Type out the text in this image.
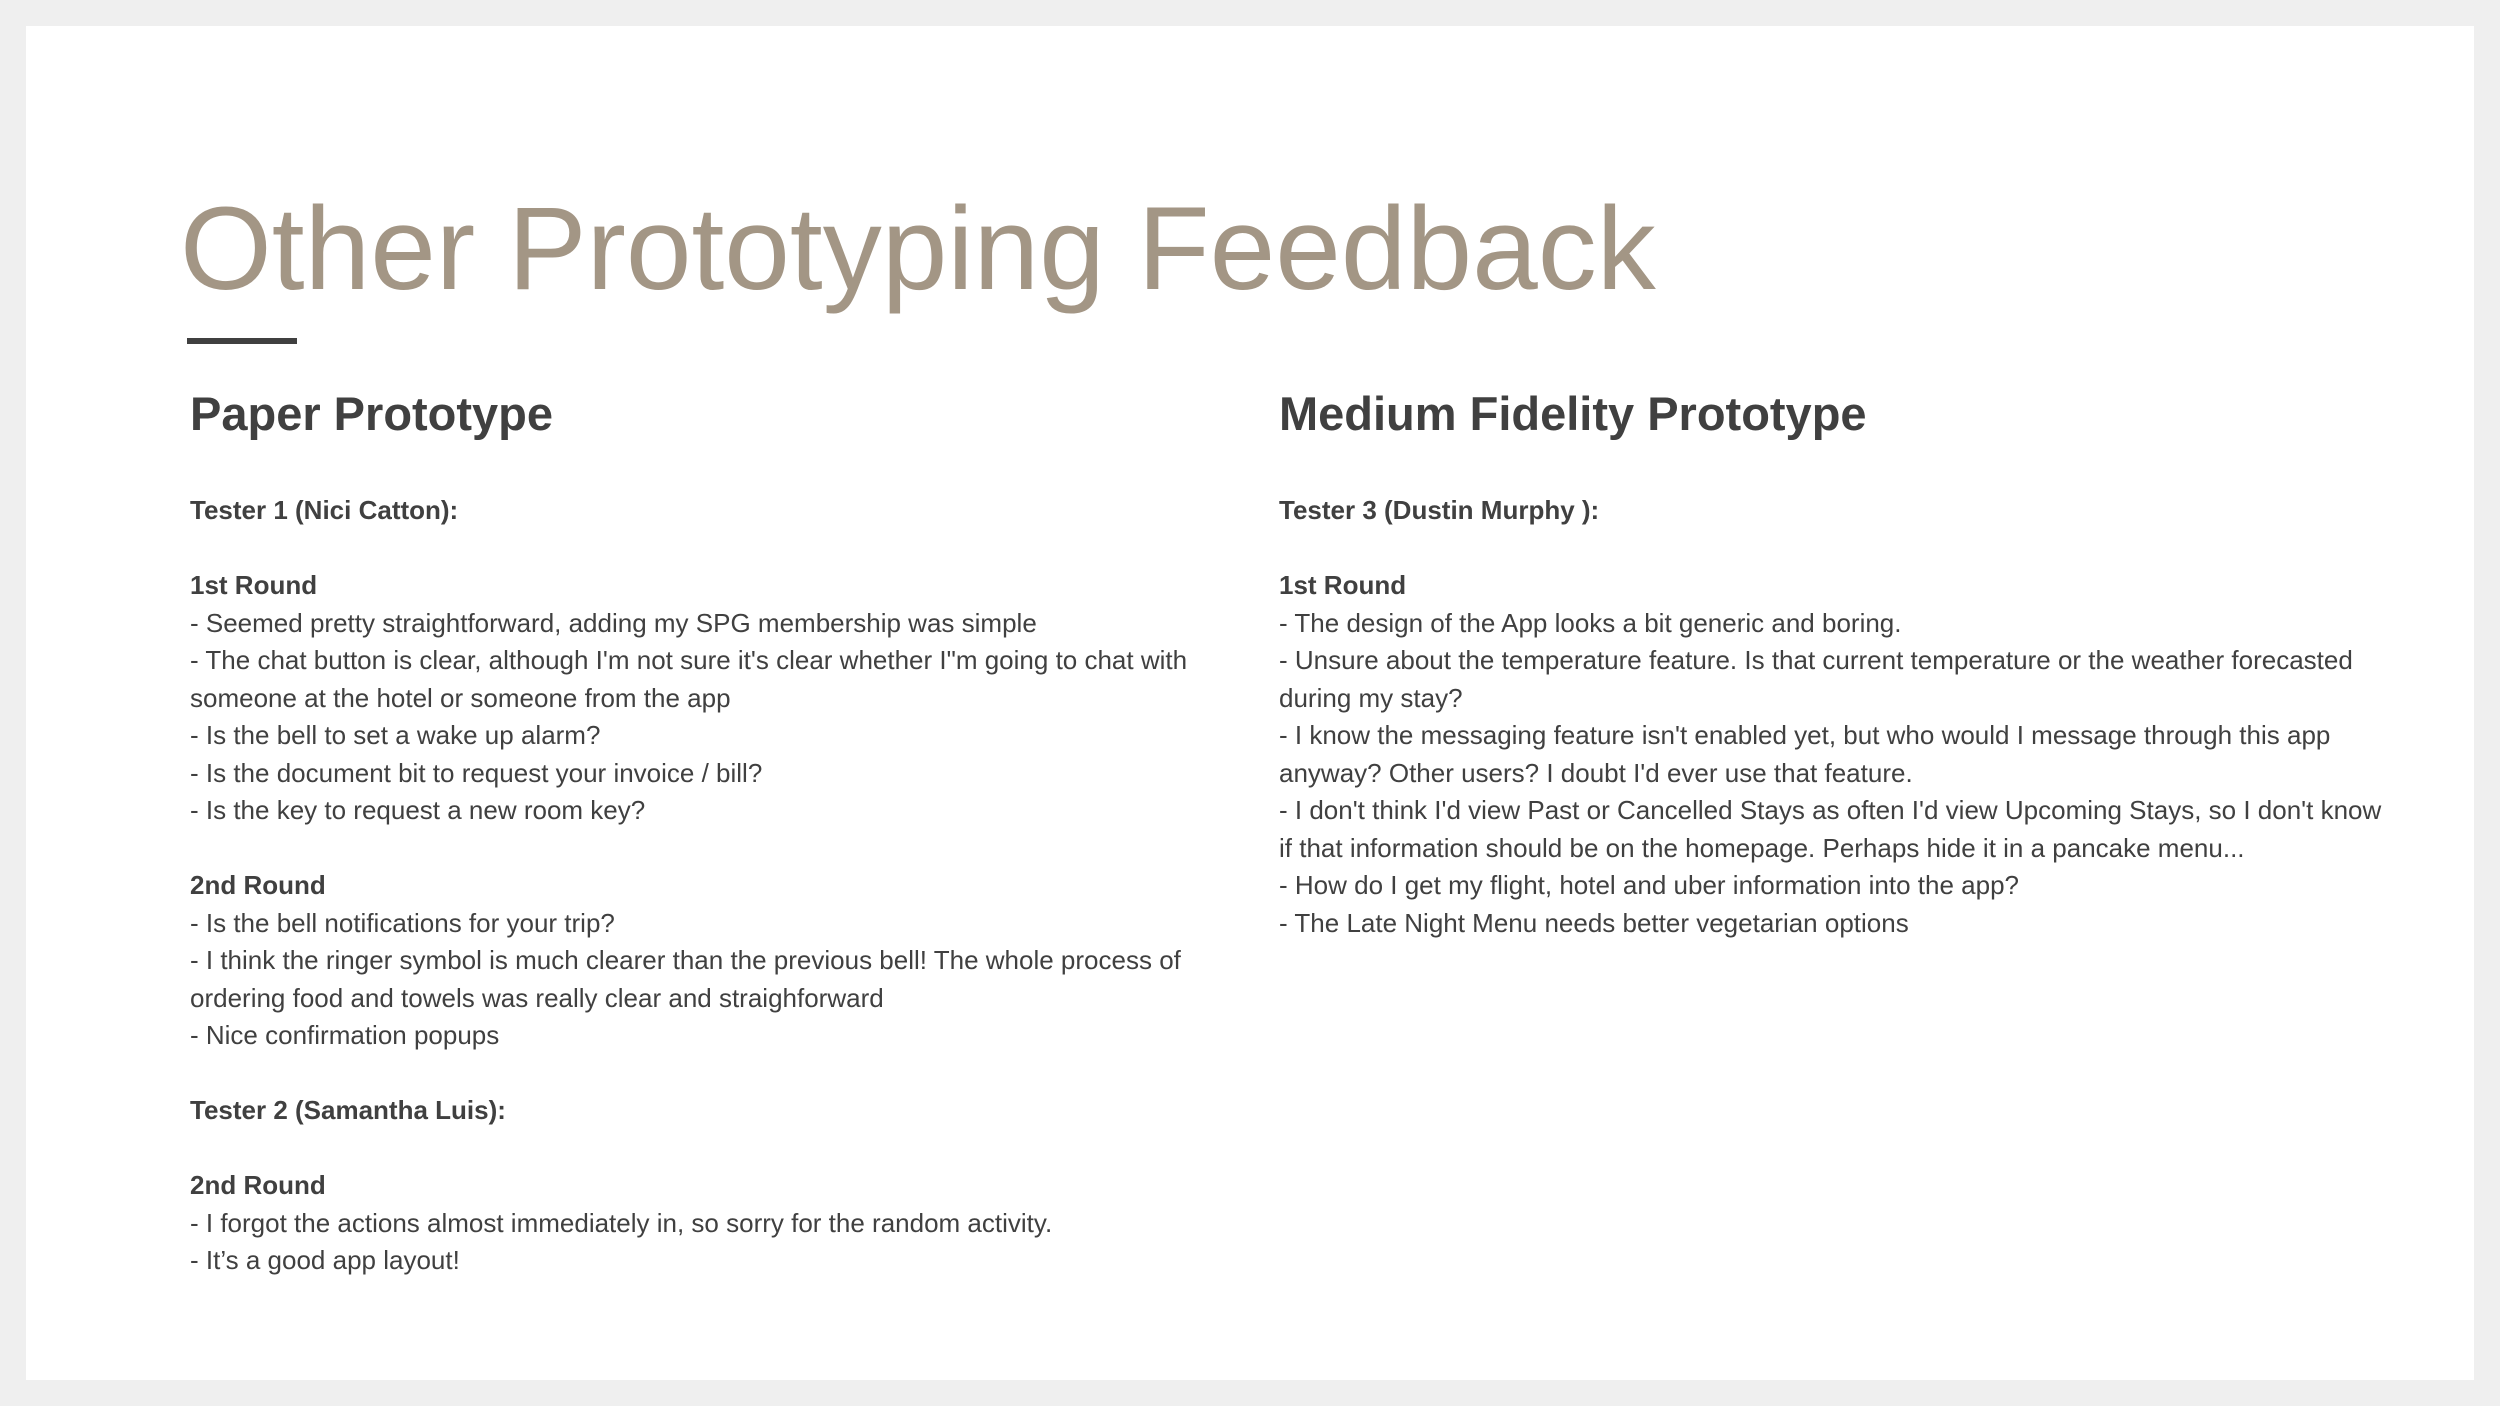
Other Prototyping Feedback
Paper Prototype
Tester 1 (Nici Catton):
1st Round
- Seemed pretty straightforward, adding my SPG membership was simple
- The chat button is clear, although I'm not sure it's clear whether I"m going to chat with someone at the hotel or someone from the app
- Is the bell to set a wake up alarm?
- Is the document bit to request your invoice / bill?
- Is the key to request a new room key?
2nd Round
- Is the bell notifications for your trip?
- I think the ringer symbol is much clearer than the previous bell! The whole process of ordering food and towels was really clear and straighforward
- Nice confirmation popups
Tester 2 (Samantha Luis):
2nd Round
- I forgot the actions almost immediately in, so sorry for the random activity.
- It’s a good app layout!
Medium Fidelity Prototype
Tester 3 (Dustin Murphy ):
1st Round
- The design of the App looks a bit generic and boring.
- Unsure about the temperature feature. Is that current temperature or the weather forecasted during my stay?
- I know the messaging feature isn't enabled yet, but who would I message through this app anyway? Other users? I doubt I'd ever use that feature.
- I don't think I'd view Past or Cancelled Stays as often I'd view Upcoming Stays, so I don't know if that information should be on the homepage. Perhaps hide it in a pancake menu...
- How do I get my flight, hotel and uber information into the app?
- The Late Night Menu needs better vegetarian options
